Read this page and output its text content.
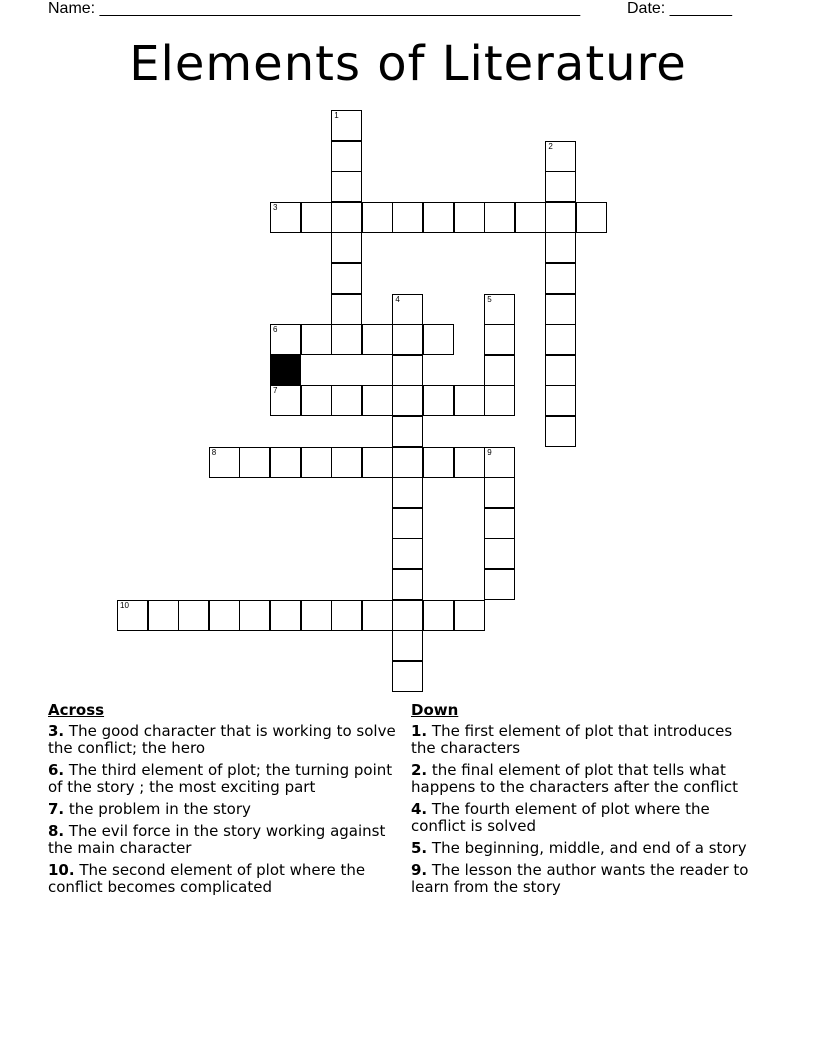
Name: ______________________________________________________	Date: _______
Elements of Literature
1
2
3
4	5
6
7
8	9
10
Across
3. The good character that is working to solve the conflict; the hero
6. The third element of plot; the turning point of the story ; the most exciting part
7. the problem in the story
8. The evil force in the story working against the main character
10. The second element of plot where the conflict becomes complicated
Down
1. The first element of plot that introduces the characters
2. the final element of plot that tells what happens to the characters after the conflict
4. The fourth element of plot where the conflict is solved
5. The beginning, middle, and end of a story
9. The lesson the author wants the reader to learn from the story
